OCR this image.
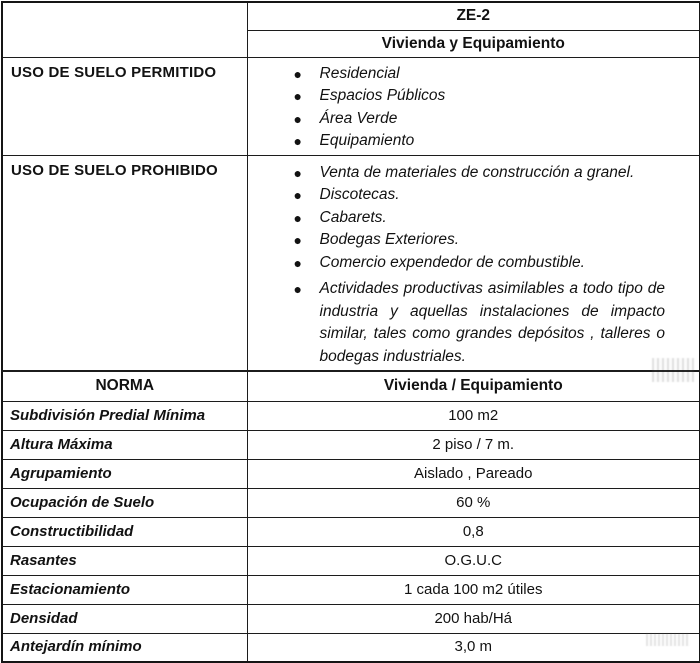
	ZE-2
	Vivienda y Equipamiento
USO DE SUELO PERMITIDO	● Residencial
● Espacios Públicos
● Área Verde
● Equipamiento

USO DE SUELO PROHIBIDO	● Venta de materiales de construcción a granel.
● Discotecas.
● Cabarets.
● Bodegas Exteriores.
● Comercio expendedor de combustible.
● Actividades productivas asimilables a todo tipo de industria y aquellas instalaciones de impacto similar, tales como grandes depósitos , talleres o bodegas industriales.

NORMA	Vivienda / Equipamiento
Subdivisión Predial Mínima	100 m2
Altura Máxima	2 piso / 7 m.
Agrupamiento	Aislado , Pareado
Ocupación de Suelo	60 %
Constructibilidad	0,8
Rasantes	O.G.U.C
Estacionamiento	1 cada 100 m2 útiles
Densidad	200 hab/Há
Antejardín mínimo	3,0 m
